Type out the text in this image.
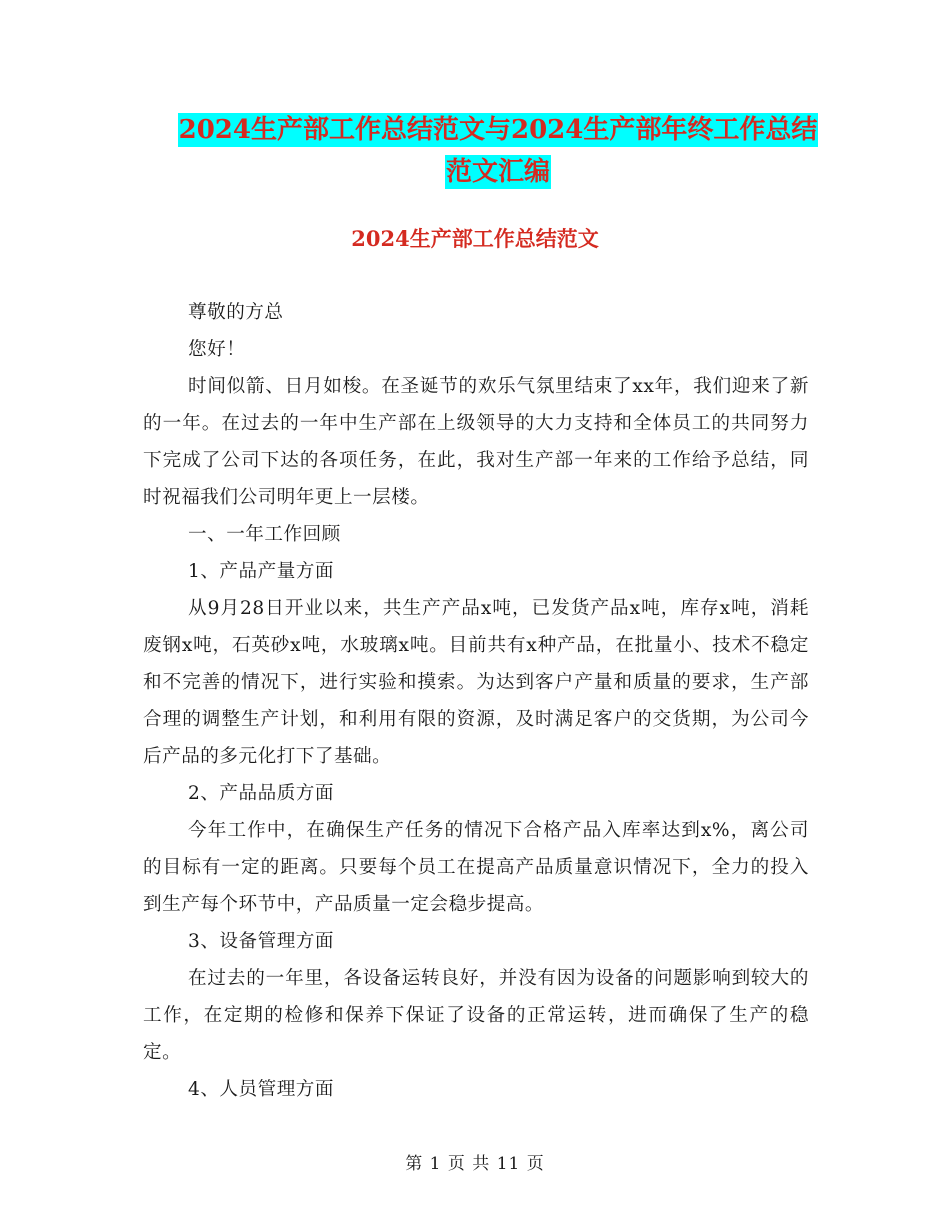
2024生产部工作总结范文与2024生产部年终工作总结
范文汇编
2024生产部工作总结范文

尊敬的方总

您好！

时间似箭、日月如梭。在圣诞节的欢乐气氛里结束了xx年，我们迎来了新的一年。在过去的一年中生产部在上级领导的大力支持和全体员工的共同努力下完成了公司下达的各项任务，在此，我对生产部一年来的工作给予总结，同时祝福我们公司明年更上一层楼。

一、一年工作回顾

1、产品产量方面

从9月28日开业以来，共生产产品x吨，已发货产品x吨，库存x吨，消耗废钢x吨，石英砂x吨，水玻璃x吨。目前共有x种产品，在批量小、技术不稳定和不完善的情况下，进行实验和摸索。为达到客户产量和质量的要求，生产部合理的调整生产计划，和利用有限的资源，及时满足客户的交货期，为公司今后产品的多元化打下了基础。

2、产品品质方面

今年工作中，在确保生产任务的情况下合格产品入库率达到x%，离公司的目标有一定的距离。只要每个员工在提高产品质量意识情况下，全力的投入到生产每个环节中，产品质量一定会稳步提高。

3、设备管理方面

在过去的一年里，各设备运转良好，并没有因为设备的问题影响到较大的工作，在定期的检修和保养下保证了设备的正常运转，进而确保了生产的稳定。

4、人员管理方面

第 1 页 共 11 页
